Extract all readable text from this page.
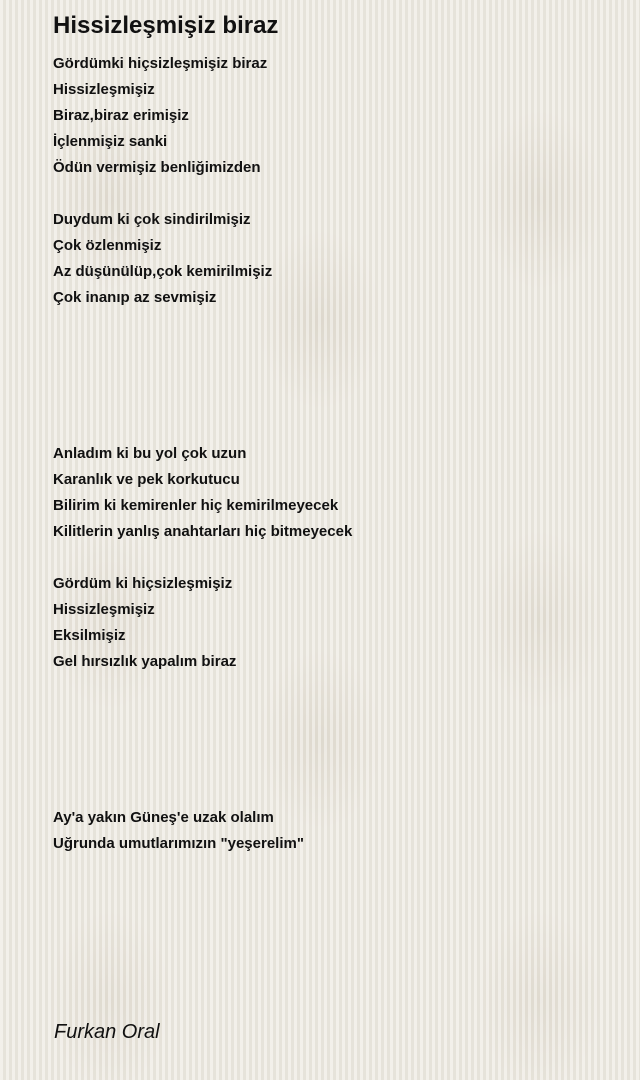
Hissizleşmişiz biraz
Gördümki hiçsizleşmişiz biraz
Hissizleşmişiz
Biraz,biraz erimişiz
İçlenmişiz sanki
Ödün vermişiz benliğimizden
Duydum ki çok sindirilmişiz
Çok özlenmişiz
Az düşünülüp,çok kemirilmişiz
Çok inanıp az sevmişiz
Anladım ki bu yol çok uzun
Karanlık ve pek korkutucu
Bilirim ki kemirenler hiç kemirilmeyecek
Kilitlerin yanlış anahtarları hiç bitmeyecek
Gördüm ki hiçsizleşmişiz
Hissizleşmişiz
Eksilmişiz
Gel hırsızlık yapalım biraz
Ay'a yakın Güneş'e uzak olalım
Uğrunda umutlarımızın "yeşerelim"
Furkan Oral
